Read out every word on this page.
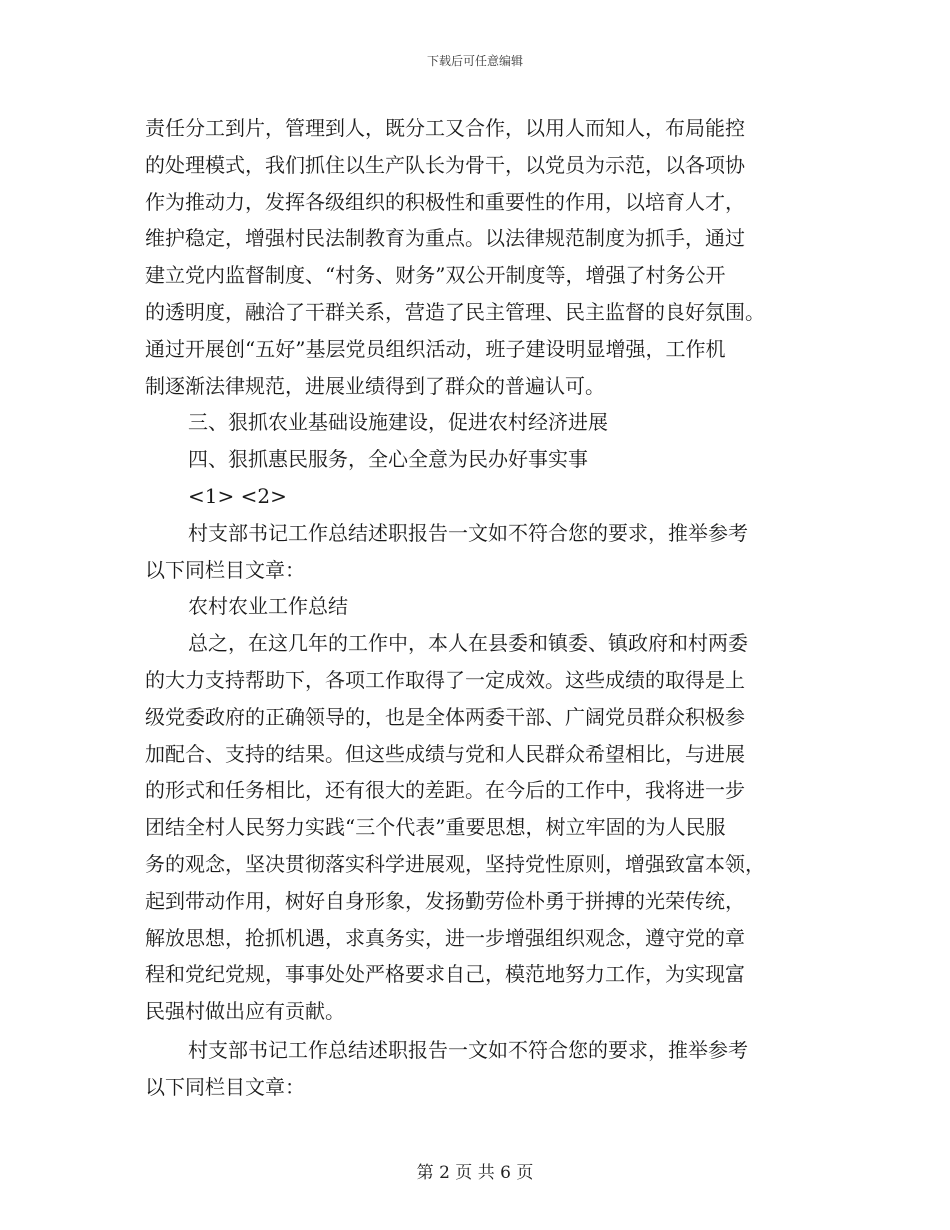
下载后可任意编辑
责任分工到片，管理到人，既分工又合作，以用人而知人，布局能控
的处理模式，我们抓住以生产队长为骨干，以党员为示范，以各项协
作为推动力，发挥各级组织的积极性和重要性的作用，以培育人才，
维护稳定，增强村民法制教育为重点。以法律规范制度为抓手，通过
建立党内监督制度、“村务、财务”双公开制度等，增强了村务公开
的透明度，融洽了干群关系，营造了民主管理、民主监督的良好氛围。
通过开展创“五好”基层党员组织活动，班子建设明显增强，工作机
制逐渐法律规范，进展业绩得到了群众的普遍认可。
三、狠抓农业基础设施建设，促进农村经济进展
四、狠抓惠民服务，全心全意为民办好事实事
<1> <2>
村支部书记工作总结述职报告一文如不符合您的要求，推举参考
以下同栏目文章：
农村农业工作总结
总之，在这几年的工作中，本人在县委和镇委、镇政府和村两委
的大力支持帮助下，各项工作取得了一定成效。这些成绩的取得是上
级党委政府的正确领导的，也是全体两委干部、广阔党员群众积极参
加配合、支持的结果。但这些成绩与党和人民群众希望相比，与进展
的形式和任务相比，还有很大的差距。在今后的工作中，我将进一步
团结全村人民努力实践“三个代表”重要思想，树立牢固的为人民服
务的观念，坚决贯彻落实科学进展观，坚持党性原则，增强致富本领，
起到带动作用，树好自身形象，发扬勤劳俭朴勇于拼搏的光荣传统，
解放思想，抢抓机遇，求真务实，进一步增强组织观念，遵守党的章
程和党纪党规，事事处处严格要求自己，模范地努力工作，为实现富
民强村做出应有贡献。
村支部书记工作总结述职报告一文如不符合您的要求，推举参考
以下同栏目文章：
第 2 页 共 6 页
